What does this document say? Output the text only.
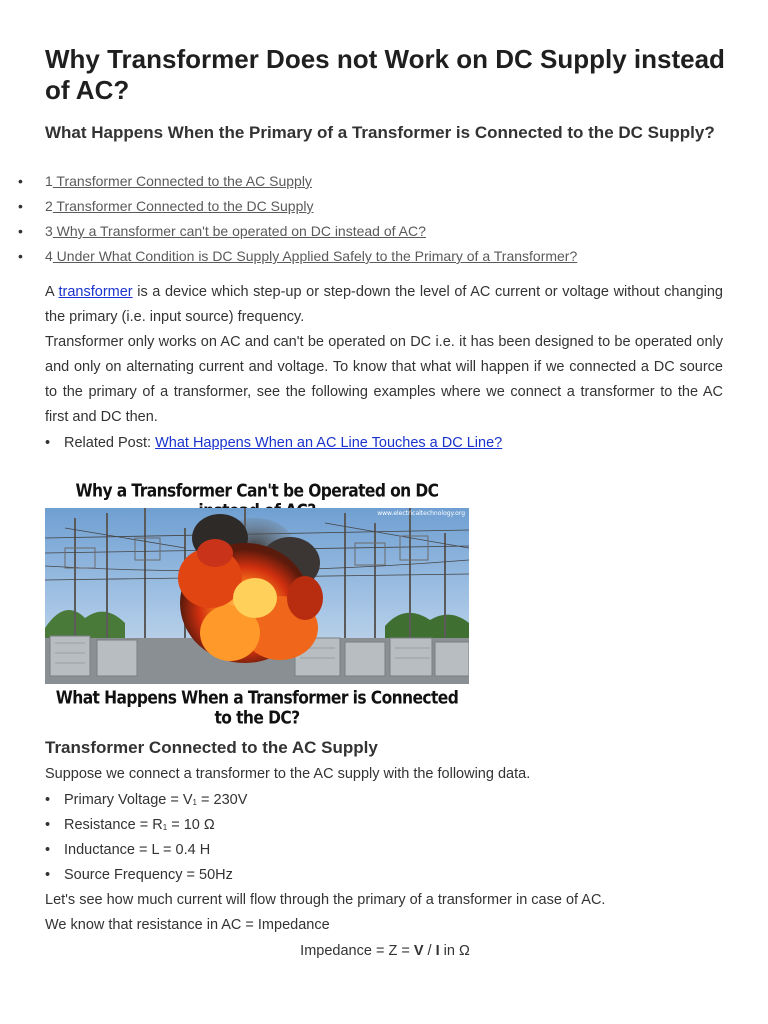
Why Transformer Does not Work on DC Supply instead of AC?
What Happens When the Primary of a Transformer is Connected to the DC Supply?
• 1 Transformer Connected to the AC Supply
• 2 Transformer Connected to the DC Supply
• 3 Why a Transformer can't be operated on DC instead of AC?
• 4 Under What Condition is DC Supply Applied Safely to the Primary of a Transformer?

A transformer is a device which step-up or step-down the level of AC current or voltage without changing the primary (i.e. input source) frequency.

Transformer only works on AC and can't be operated on DC i.e. it has been designed to be operated only and only on alternating current and voltage. To know that what will happen if we connected a DC source to the primary of a transformer, see the following examples where we connect a transformer to the AC first and DC then.

• Related Post: What Happens When an AC Line Touches a DC Line?
Why a Transformer Can't be Operated on DC
www.electricaltechnology.org
What Happens When a Transformer is Connected to the DC?
Transformer Connected to the AC Supply

Suppose we connect a transformer to the AC supply with the following data.

• Primary Voltage = $V_1 = 230V$
• Resistance = $R_1 = 10$ Ω
• Inductance = L = 0.4 H
• Source Frequency = 50Hz

Let's see how much current will flow through the primary of a transformer in case of AC.

We know that resistance in AC = Impedance

Impedance = Z = V / I in Ω
